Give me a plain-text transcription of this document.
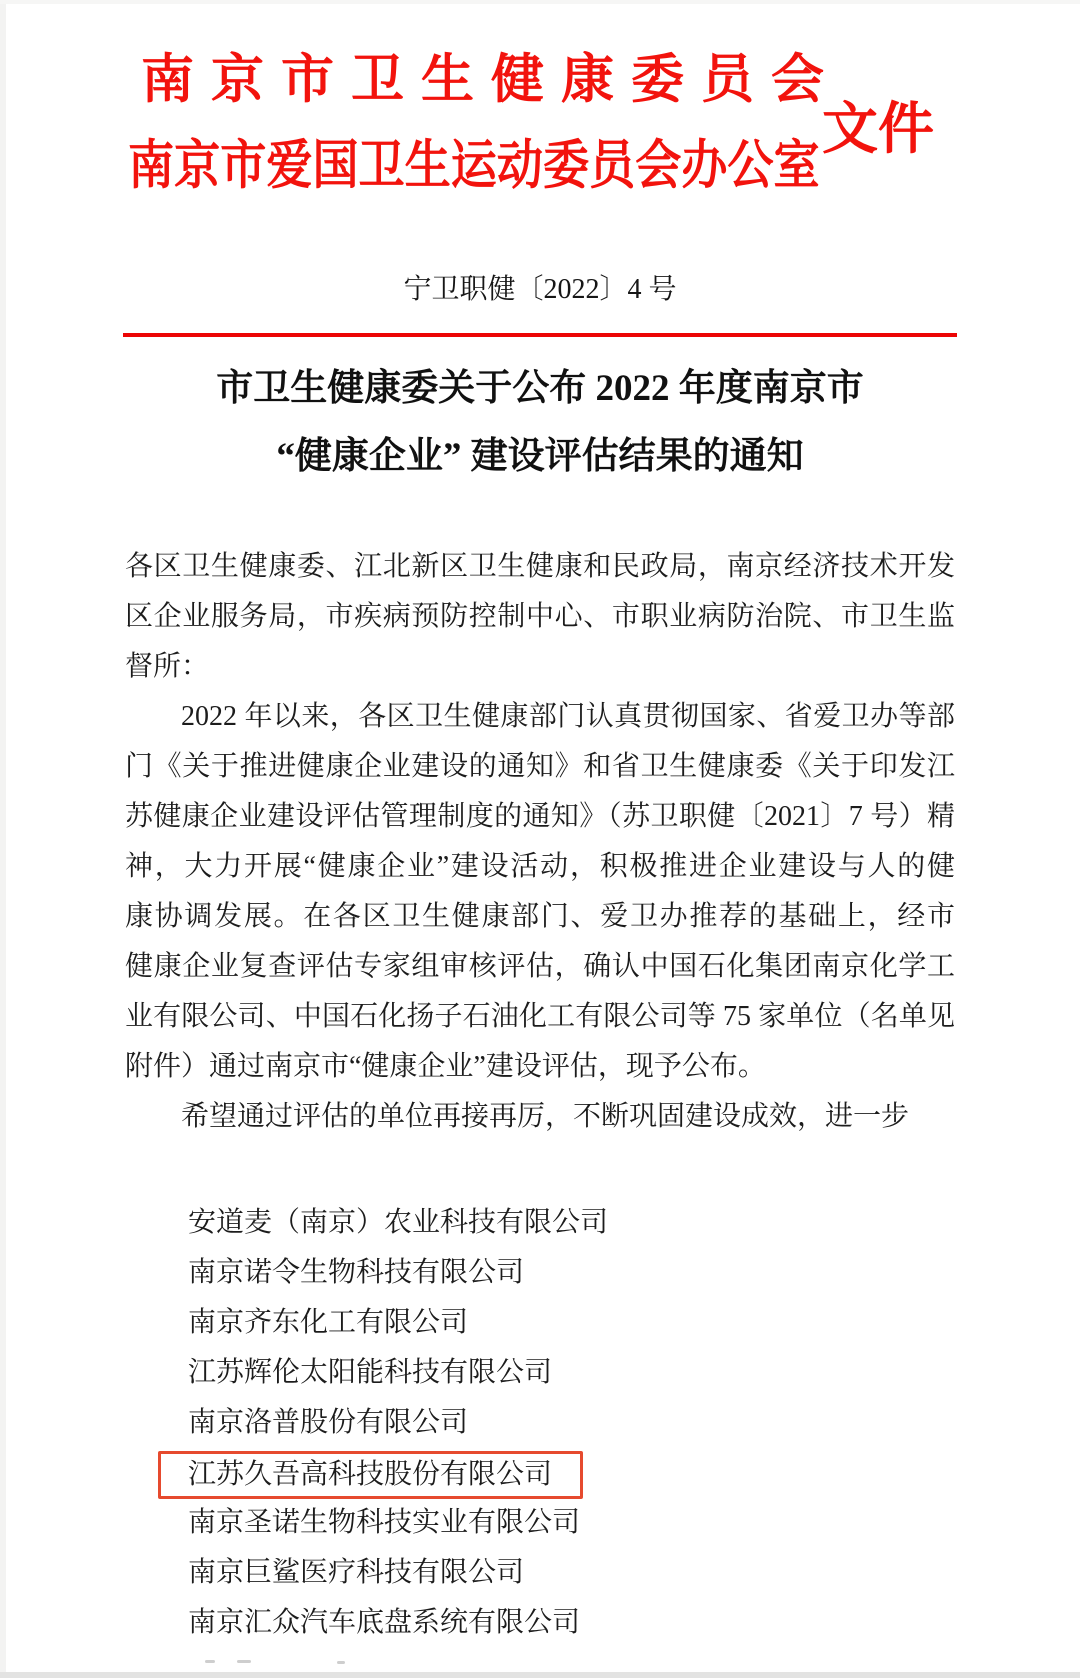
南京市卫生健康委员会
南京市爱国卫生运动委员会办公室
文件
宁卫职健〔2022〕4 号
市卫生健康委关于公布 2022 年度南京市
“健康企业” 建设评估结果的通知
各区卫生健康委、江北新区卫生健康和民政局，南京经济技术开发
区企业服务局，市疾病预防控制中心、市职业病防治院、市卫生监
督所：
2022 年以来，各区卫生健康部门认真贯彻国家、省爱卫办等部
门《关于推进健康企业建设的通知》和省卫生健康委《关于印发江
苏健康企业建设评估管理制度的通知》（苏卫职健〔2021〕7 号）精
神，大力开展“健康企业”建设活动，积极推进企业建设与人的健
康协调发展。在各区卫生健康部门、爱卫办推荐的基础上，经市
健康企业复查评估专家组审核评估，确认中国石化集团南京化学工
业有限公司、中国石化扬子石油化工有限公司等 75 家单位（名单见
附件）通过南京市“健康企业”建设评估，现予公布。
希望通过评估的单位再接再厉，不断巩固建设成效，进一步
安道麦（南京）农业科技有限公司
南京诺令生物科技有限公司
南京齐东化工有限公司
江苏辉伦太阳能科技有限公司
南京洛普股份有限公司
江苏久吾高科技股份有限公司
南京圣诺生物科技实业有限公司
南京巨鲨医疗科技有限公司
南京汇众汽车底盘系统有限公司
